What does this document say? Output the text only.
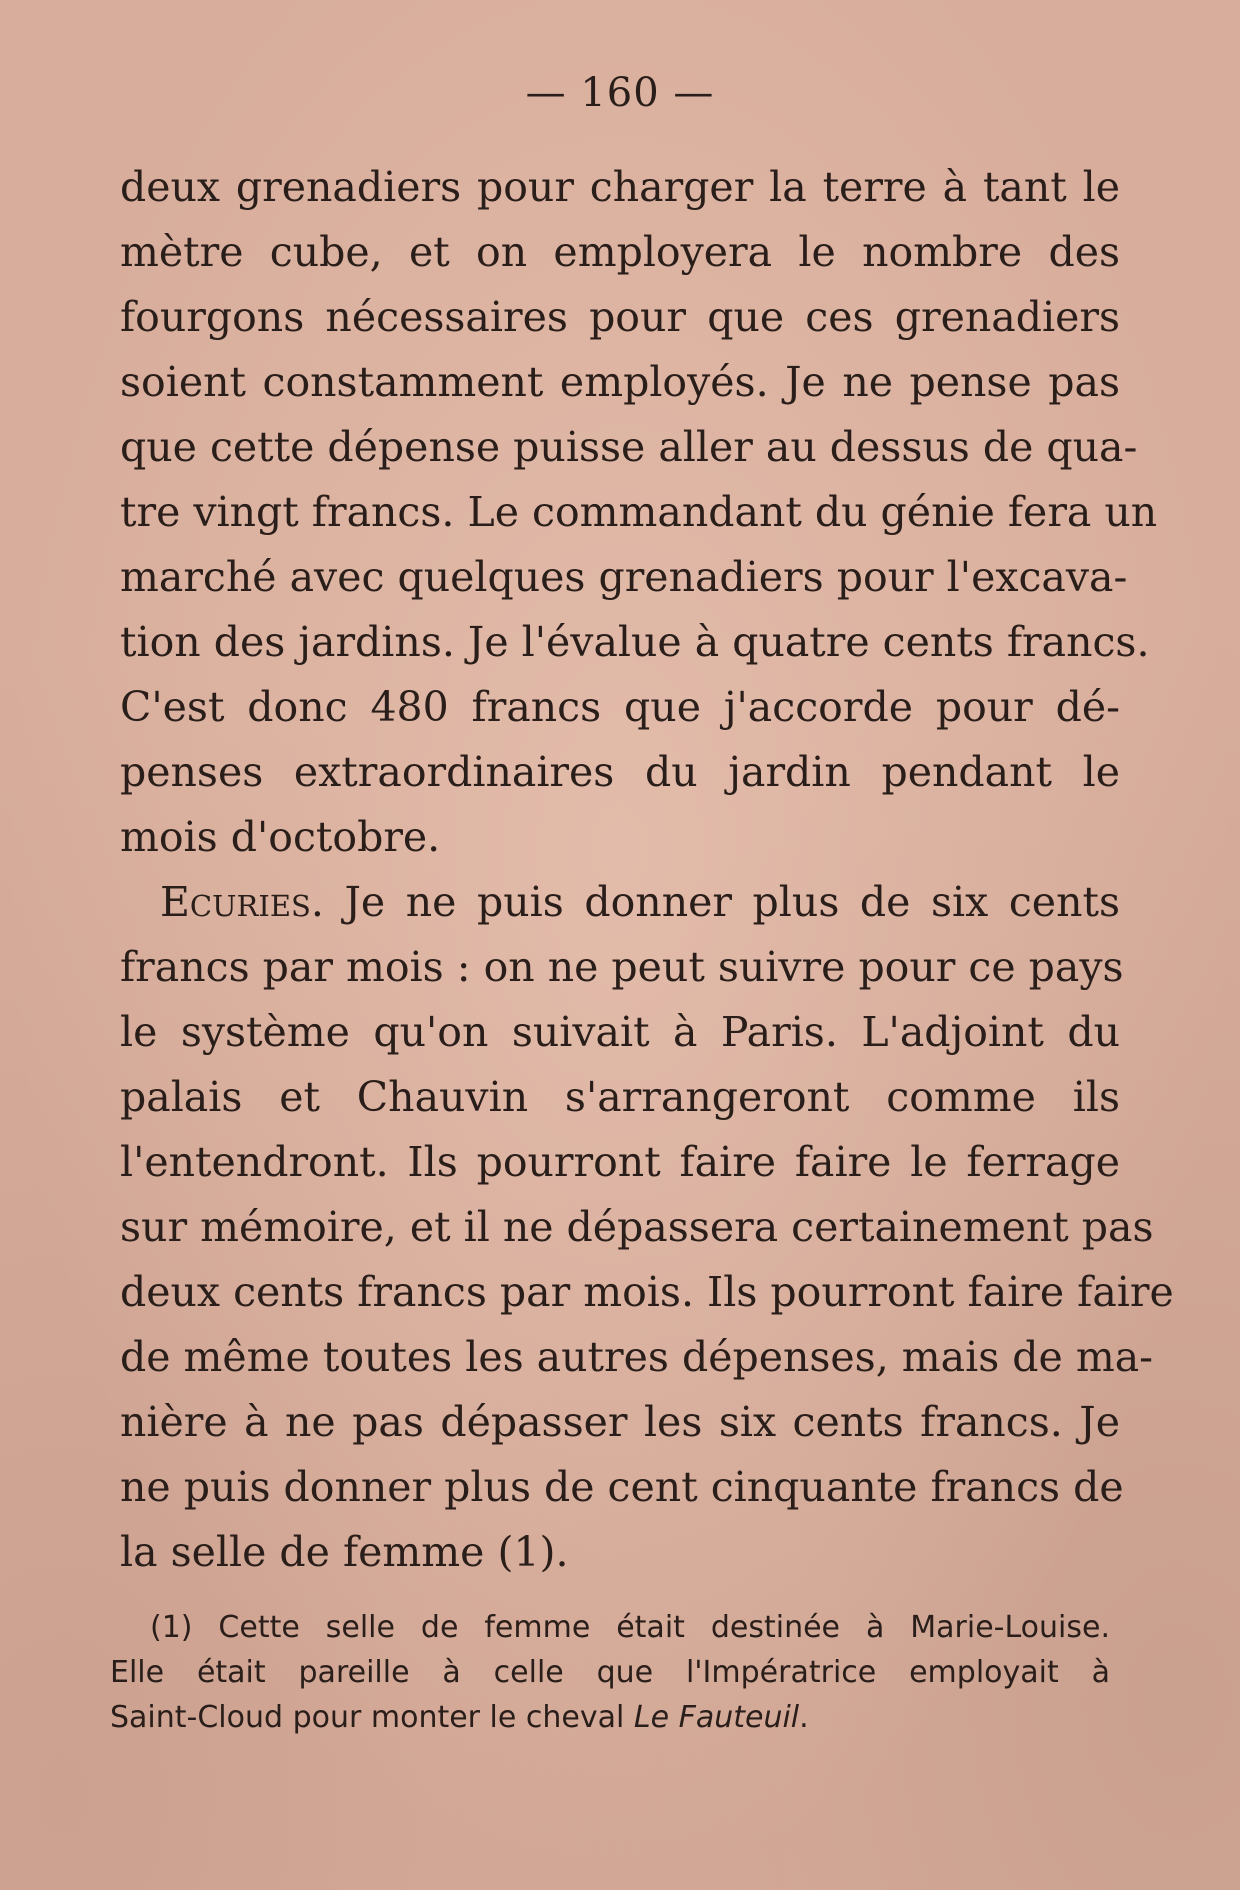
— 160 —
deux grenadiers pour charger la terre à tant le
mètre cube, et on employera le nombre des
fourgons nécessaires pour que ces grenadiers
soient constamment employés. Je ne pense pas
que cette dépense puisse aller au dessus de qua-
tre vingt francs. Le commandant du génie fera un
marché avec quelques grenadiers pour l'excava-
tion des jardins. Je l'évalue à quatre cents francs.
C'est donc 480 francs que j'accorde pour dé-
penses extraordinaires du jardin pendant le
mois d'octobre.
Ecuries. Je ne puis donner plus de six cents
francs par mois : on ne peut suivre pour ce pays
le système qu'on suivait à Paris. L'adjoint du
palais et Chauvin s'arrangeront comme ils
l'entendront. Ils pourront faire faire le ferrage
sur mémoire, et il ne dépassera certainement pas
deux cents francs par mois. Ils pourront faire faire
de même toutes les autres dépenses, mais de ma-
nière à ne pas dépasser les six cents francs. Je
ne puis donner plus de cent cinquante francs de
la selle de femme (1).
(1) Cette selle de femme était destinée à Marie-Louise.
Elle était pareille à celle que l'Impératrice employait à
Saint-Cloud pour monter le cheval Le Fauteuil.
